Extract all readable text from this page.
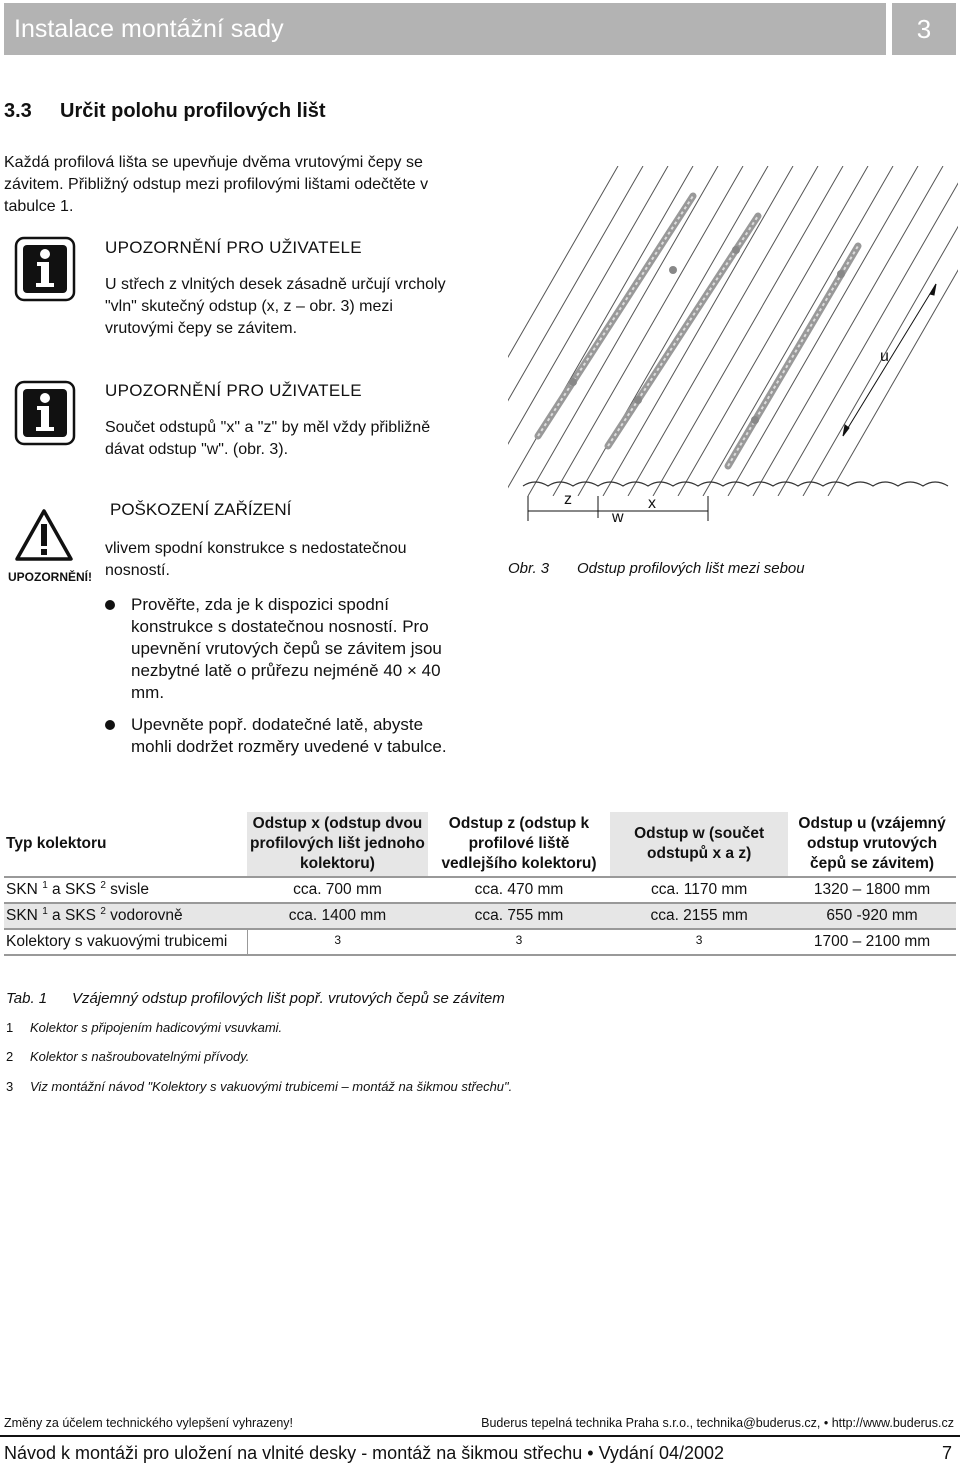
Instalace montážní sady	3
3.3 Určit polohu profilových lišt
Každá profilová lišta se upevňuje dvěma vrutovými čepy se závitem. Přibližný odstup mezi profilovými lištami odečtěte v tabulce 1.
UPOZORNĚNÍ PRO UŽIVATELE
U střech z vlnitých desek zásadně určují vrcholy "vln" skutečný odstup (x, z – obr. 3) mezi vrutovými čepy se závitem.
UPOZORNĚNÍ PRO UŽIVATELE
Součet odstupů "x" a "z" by měl vždy přibližně dávat odstup "w". (obr. 3).
UPOZORNĚNÍ!
POŠKOZENÍ ZAŘÍZENÍ
vlivem spodní konstrukce s nedostatečnou nosností.
Prověřte, zda je k dispozici spodní konstrukce s dostatečnou nosností. Pro upevnění vrutových čepů se závitem jsou nezbytné latě o průřezu nejméně 40 × 40 mm.
Upevněte popř. dodatečné latě, abyste mohli dodržet rozměry uvedené v tabulce.
u
z
w
x
Obr. 3 Odstup profilových lišt mezi sebou
Typ kolektoru	Odstup x (odstup dvou profilových lišt jednoho kolektoru)	Odstup z (odstup k profilové liště vedlejšího kolektoru)	Odstup w (součet odstupů x a z)	Odstup u (vzájemný odstup vrutových čepů se závitem)
SKN $^1$ a SKS $^2$ svisle	cca. 700 mm	cca. 470 mm	cca. 1170 mm	1320 – 1800 mm
SKN $^1$ a SKS $^2$ vodorovně	cca. 1400 mm	cca. 755 mm	cca. 2155 mm	650 -920 mm
Kolektory s vakuovými trubicemi	3	3	3	1700 – 2100 mm
Tab. 1 Vzájemný odstup profilových lišt popř. vrutových čepů se závitem
1 Kolektor s připojením hadicovými vsuvkami.
2 Kolektor s našroubovatelnými přívody.
3 Viz montážní návod "Kolektory s vakuovými trubicemi – montáž na šikmou střechu".
Změny za účelem technického vylepšení vyhrazeny!	Buderus tepelná technika Praha s.r.o., technika@buderus.cz, • http://www.buderus.cz
Návod k montáži pro uložení na vlnité desky - montáž na šikmou střechu • Vydání 04/2002	7
